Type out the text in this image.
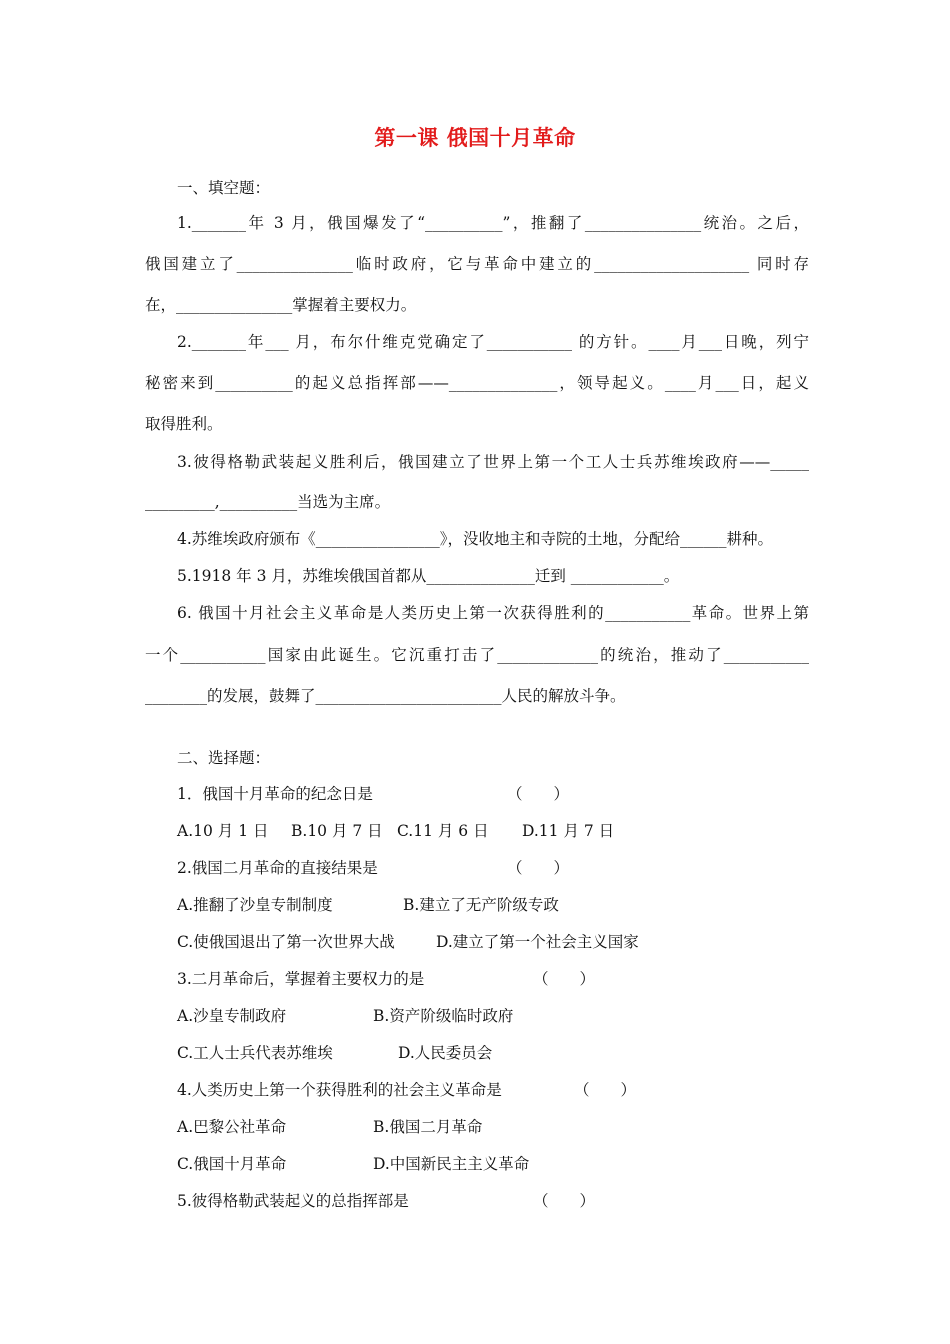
第一课 俄国十月革命
一、填空题：
1._______年 3 月，俄国爆发了“__________”，推翻了_______________统治。之后，
俄国建立了_______________临时政府，它与革命中建立的____________________ 同时存
在，_______________掌握着主要权力。
2._______年___ 月，布尔什维克党确定了___________ 的方针。____月___日晚，列宁
秘密来到__________的起义总指挥部——______________，领导起义。____月___日，起义
取得胜利。
3.彼得格勒武装起义胜利后，俄国建立了世界上第一个工人士兵苏维埃政府——_____
_________,__________当选为主席。
4.苏维埃政府颁布《________________》，没收地主和寺院的土地，分配给______耕种。
5.1918 年 3 月，苏维埃俄国首都从______________迁到 ____________。
6. 俄国十月社会主义革命是人类历史上第一次获得胜利的___________革命。世界上第
一个___________国家由此诞生。它沉重打击了_____________的统治，推动了___________
________的发展，鼓舞了________________________人民的解放斗争。
二、选择题：
1．俄国十月革命的纪念日是	（　　）
A.10 月 1 日 B.10 月 7 日 C.11 月 6 日 D.11 月 7 日
2.俄国二月革命的直接结果是	（　　）
A.推翻了沙皇专制制度	B.建立了无产阶级专政
C.使俄国退出了第一次世界大战	D.建立了第一个社会主义国家
3.二月革命后，掌握着主要权力的是	（　　）
A.沙皇专制政府	B.资产阶级临时政府
C.工人士兵代表苏维埃	D.人民委员会
4.人类历史上第一个获得胜利的社会主义革命是	（　　）
A.巴黎公社革命	B.俄国二月革命
C.俄国十月革命	D.中国新民主主义革命
5.彼得格勒武装起义的总指挥部是	（　　）
